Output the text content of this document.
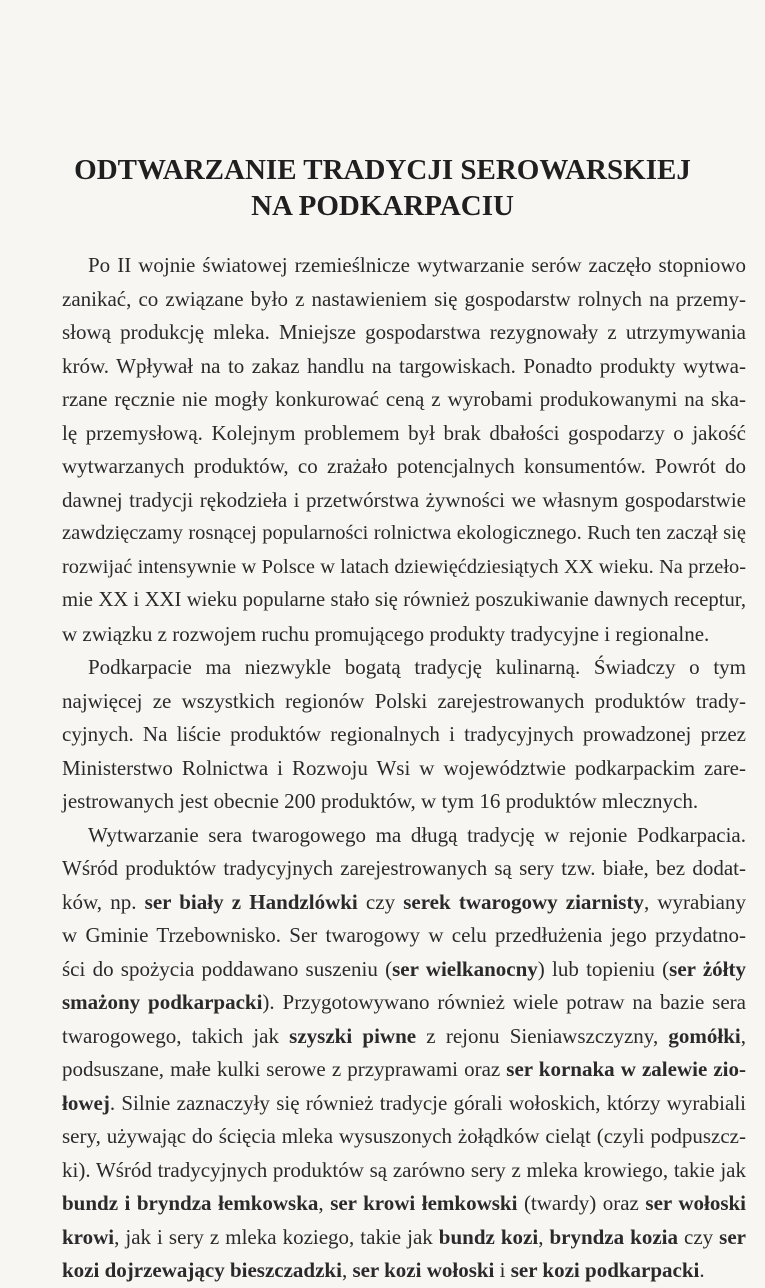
ODTWARZANIE TRADYCJI SEROWARSKIEJ
NA PODKARPACIU
Po II wojnie światowej rzemieślnicze wytwarzanie serów zaczęło stopniowo
zanikać, co związane było z nastawieniem się gospodarstw rolnych na przemy-
słową produkcję mleka. Mniejsze gospodarstwa rezygnowały z utrzymywania
krów. Wpływał na to zakaz handlu na targowiskach. Ponadto produkty wytwa-
rzane ręcznie nie mogły konkurować ceną z wyrobami produkowanymi na ska-
lę przemysłową. Kolejnym problemem był brak dbałości gospodarzy o jakość
wytwarzanych produktów, co zrażało potencjalnych konsumentów. Powrót do
dawnej tradycji rękodzieła i przetwórstwa żywności we własnym gospodarstwie
zawdzięczamy rosnącej popularności rolnictwa ekologicznego. Ruch ten zaczął się
rozwijać intensywnie w Polsce w latach dziewięćdziesiątych XX wieku. Na przeło-
mie XX i XXI wieku popularne stało się również poszukiwanie dawnych receptur,
w związku z rozwojem ruchu promującego produkty tradycyjne i regionalne.
Podkarpacie ma niezwykle bogatą tradycję kulinarną. Świadczy o tym
najwięcej ze wszystkich regionów Polski zarejestrowanych produktów trady-
cyjnych. Na liście produktów regionalnych i tradycyjnych prowadzonej przez
Ministerstwo Rolnictwa i Rozwoju Wsi w województwie podkarpackim zare-
jestrowanych jest obecnie 200 produktów, w tym 16 produktów mlecznych.
Wytwarzanie sera twarogowego ma długą tradycję w rejonie Podkarpacia.
Wśród produktów tradycyjnych zarejestrowanych są sery tzw. białe, bez dodat-
ków, np. ser biały z Handzlówki czy serek twarogowy ziarnisty, wyrabiany
w Gminie Trzebownisko. Ser twarogowy w celu przedłużenia jego przydatno-
ści do spożycia poddawano suszeniu (ser wielkanocny) lub topieniu (ser żółty
smażony podkarpacki). Przygotowywano również wiele potraw na bazie sera
twarogowego, takich jak szyszki piwne z rejonu Sieniawszczyzny, gomółki,
podsuszane, małe kulki serowe z przyprawami oraz ser kornaka w zalewie zio-
łowej. Silnie zaznaczyły się również tradycje górali wołoskich, którzy wyrabiali
sery, używając do ścięcia mleka wysuszonych żołądków cieląt (czyli podpuszcz-
ki). Wśród tradycyjnych produktów są zarówno sery z mleka krowiego, takie jak
bundz i bryndza łemkowska, ser krowi łemkowski (twardy) oraz ser wołoski
krowi, jak i sery z mleka koziego, takie jak bundz kozi, bryndza kozia czy ser
kozi dojrzewający bieszczadzki, ser kozi wołoski i ser kozi podkarpacki.
